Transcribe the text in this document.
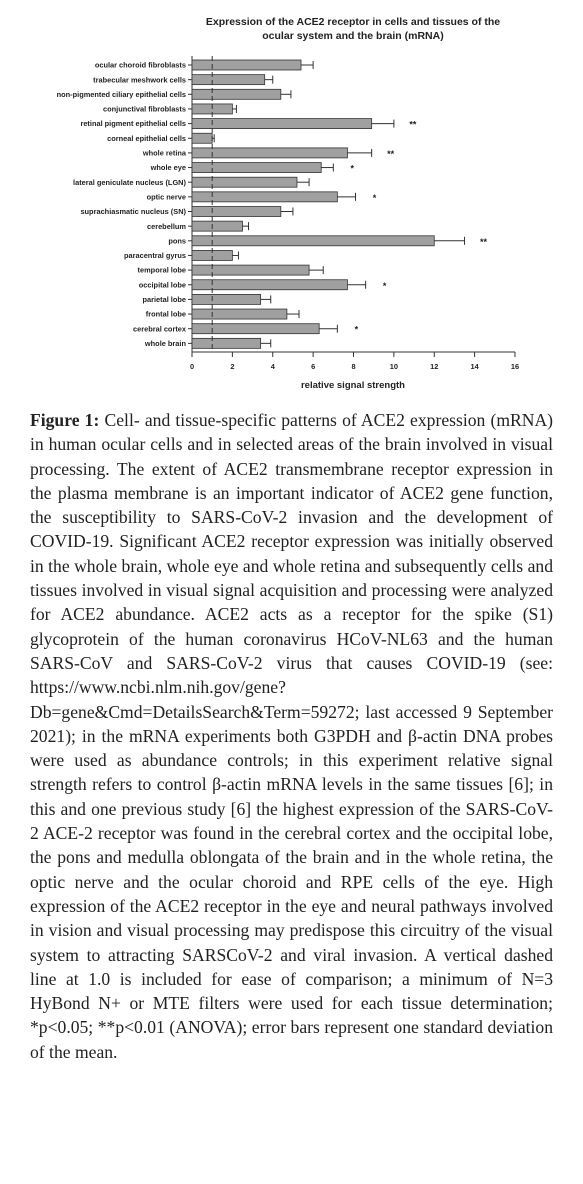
Expression of the ACE2 receptor in cells and tissues of the
ocular system and the brain (mRNA)
0	2	4	6	8	10	12	14	16
ocular choroid fibroblasts
trabecular meshwork cells
non-pigmented ciliary epithelial cells
conjunctival fibroblasts
retinal pigment epithelial cells	**
corneal epithelial cells
whole retina	**
whole eye	*
lateral geniculate nucleus (LGN)
optic nerve	*
suprachiasmatic nucleus (SN)
cerebellum
pons	**
paracentral gyrus
temporal lobe
occipital lobe	*
parietal lobe
frontal lobe
cerebral cortex	*
whole brain
relative signal strength

Figure 1: Cell- and tissue-specific patterns of ACE2 expression (mRNA) in human ocular cells and in selected areas of the brain involved in visual processing. The extent of ACE2 transmembrane receptor expression in the plasma membrane is an important indicator of ACE2 gene function, the susceptibility to SARS-CoV-2 invasion and the development of COVID-19. Significant ACE2 receptor expression was initially observed in the whole brain, whole eye and whole retina and subsequently cells and tissues involved in visual signal acquisition and processing were analyzed for ACE2 abundance. ACE2 acts as a receptor for the spike (S1) glycoprotein of the human coronavirus HCoV-NL63 and the human SARS-CoV and SARS-CoV-2 virus that causes COVID-19 (see: https://www.ncbi.nlm.nih.gov/gene?Db=gene&Cmd=DetailsSearch&Term=59272; last accessed 9 September 2021); in the mRNA experiments both G3PDH and β-actin DNA probes were used as abundance controls; in this experiment relative signal strength refers to control β-actin mRNA levels in the same tissues [6]; in this and one previous study [6] the highest expression of the SARS-CoV-2 ACE-2 receptor was found in the cerebral cortex and the occipital lobe, the pons and medulla oblongata of the brain and in the whole retina, the optic nerve and the ocular choroid and RPE cells of the eye. High expression of the ACE2 receptor in the eye and neural pathways involved in vision and visual processing may predispose this circuitry of the visual system to attracting SARSCoV-2 and viral invasion. A vertical dashed line at 1.0 is included for ease of comparison; a minimum of N=3 HyBond N+ or MTE filters were used for each tissue determination; *p<0.05; **p<0.01 (ANOVA); error bars represent one standard deviation of the mean.
